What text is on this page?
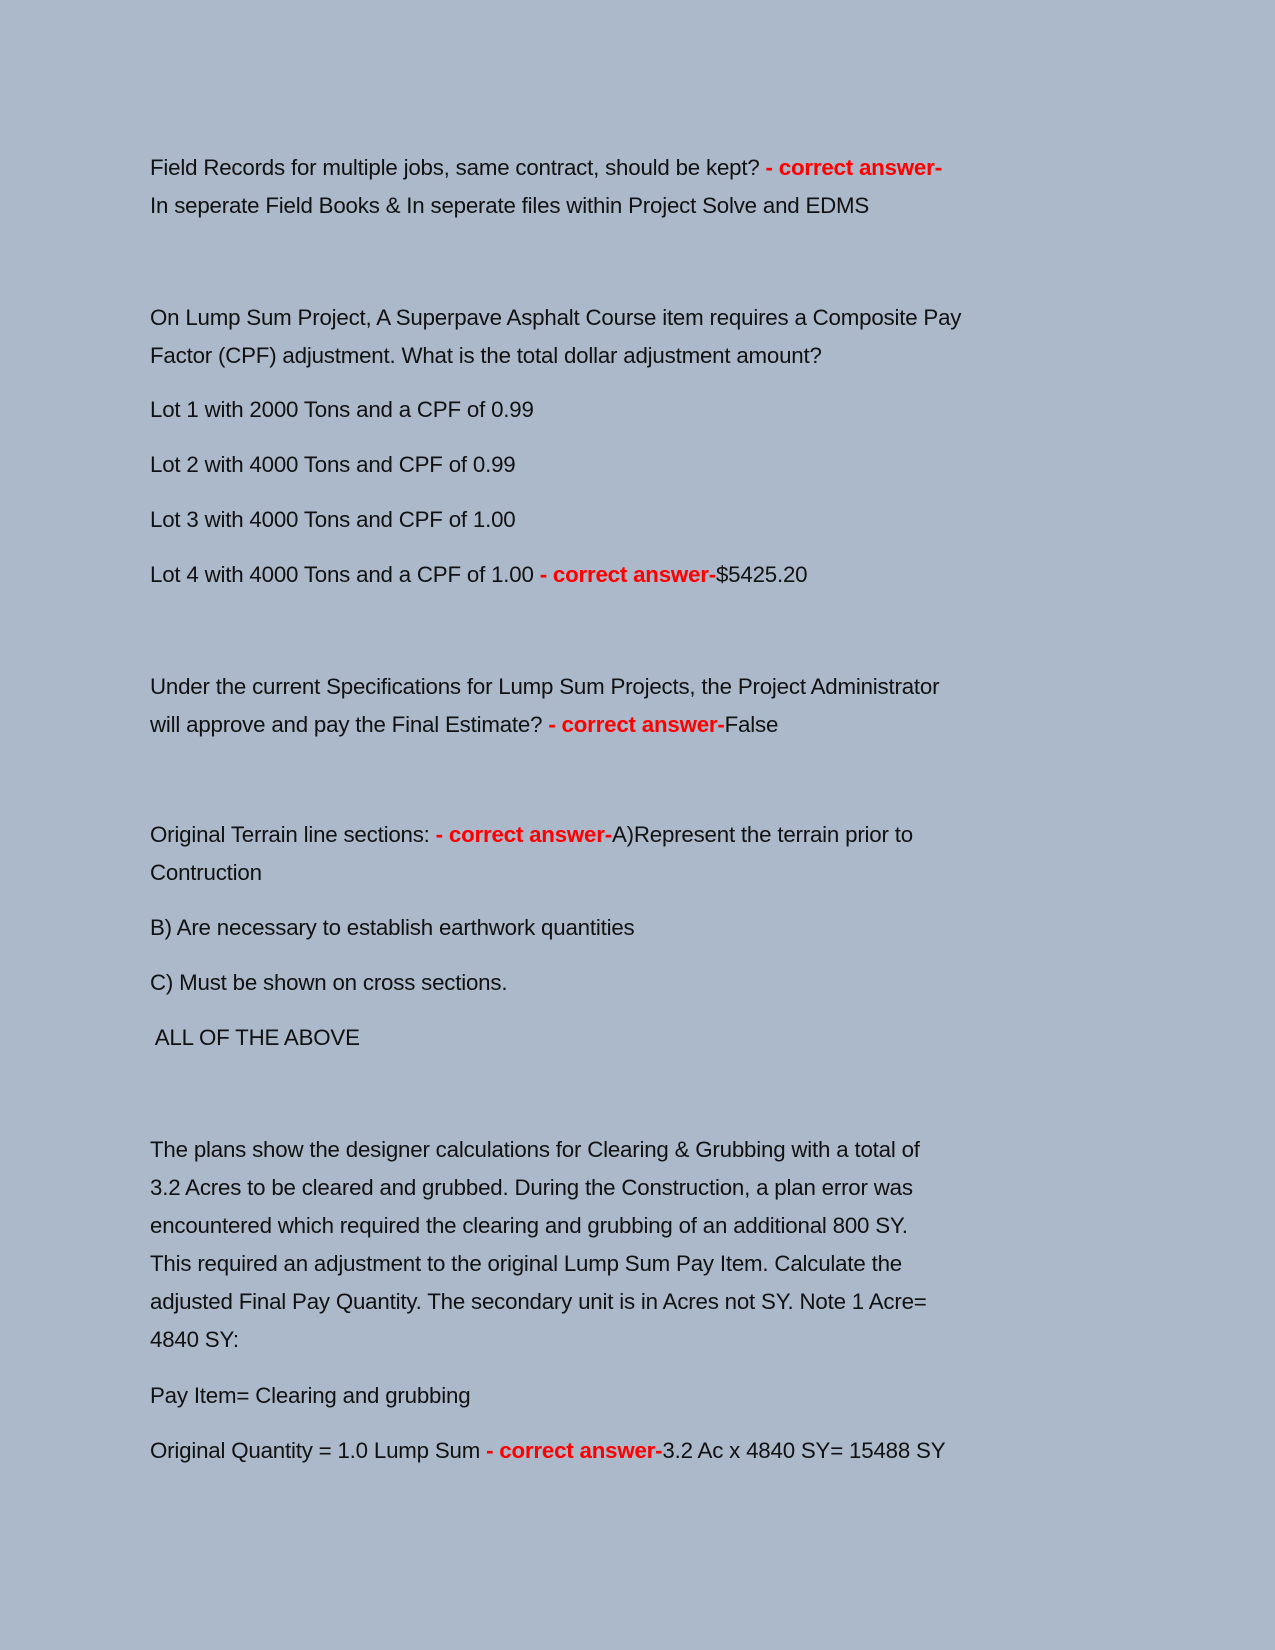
Field Records for multiple jobs, same contract, should be kept? - correct answer-
In seperate Field Books & In seperate files within Project Solve and EDMS
On Lump Sum Project, A Superpave Asphalt Course item requires a Composite Pay
Factor (CPF) adjustment. What is the total dollar adjustment amount?
Lot 1 with 2000 Tons and a CPF of 0.99
Lot 2 with 4000 Tons and CPF of 0.99
Lot 3 with 4000 Tons and CPF of 1.00
Lot 4 with 4000 Tons and a CPF of 1.00 - correct answer-$5425.20
Under the current Specifications for Lump Sum Projects, the Project Administrator
will approve and pay the Final Estimate? - correct answer-False
Original Terrain line sections: - correct answer-A)Represent the terrain prior to
Contruction
B) Are necessary to establish earthwork quantities
C) Must be shown on cross sections.
ALL OF THE ABOVE
The plans show the designer calculations for Clearing & Grubbing with a total of
3.2 Acres to be cleared and grubbed. During the Construction, a plan error was
encountered which required the clearing and grubbing of an additional 800 SY.
This required an adjustment to the original Lump Sum Pay Item. Calculate the
adjusted Final Pay Quantity. The secondary unit is in Acres not SY. Note 1 Acre=
4840 SY:
Pay Item= Clearing and grubbing
Original Quantity = 1.0 Lump Sum - correct answer-3.2 Ac x 4840 SY= 15488 SY
